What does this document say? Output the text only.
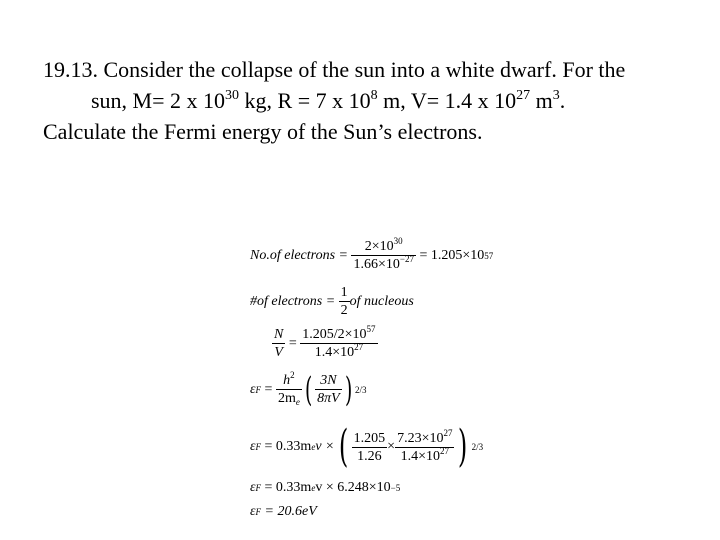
19.13. Consider the collapse of the sun into a white dwarf. For the
sun, M= 2 x $10^{30}$ kg, R = 7 x $10^8$ m, V= 1.4 x $10^{27}$ $m^3$.
Calculate the Fermi energy of the Sun’s electrons.
No.of electrons =
$\frac{2\times 10^{30}}{1.66\times 10^{-27}}$
= 1.205×10 57
#of electrons =
$\frac{1}{2}$ of nucleous
$\frac{N}{V}$
=
$\frac{1.205/2\times 10^{57}}{1.4\times 10^{27}}$
ε F
=
$\frac{h^2}{2m_e}$ ( $\frac{3N}{8\pi V}$ ) 2/3
ε F
= 0.33m e v × ( $\frac{1.205}{1.26} \times \frac{7.23\times 10^{27}}{1.4\times 10^{27}}$ ) 2/3
ε F
= 0.33m e v × 6.248×10 −5
ε F
= 20.6eV
